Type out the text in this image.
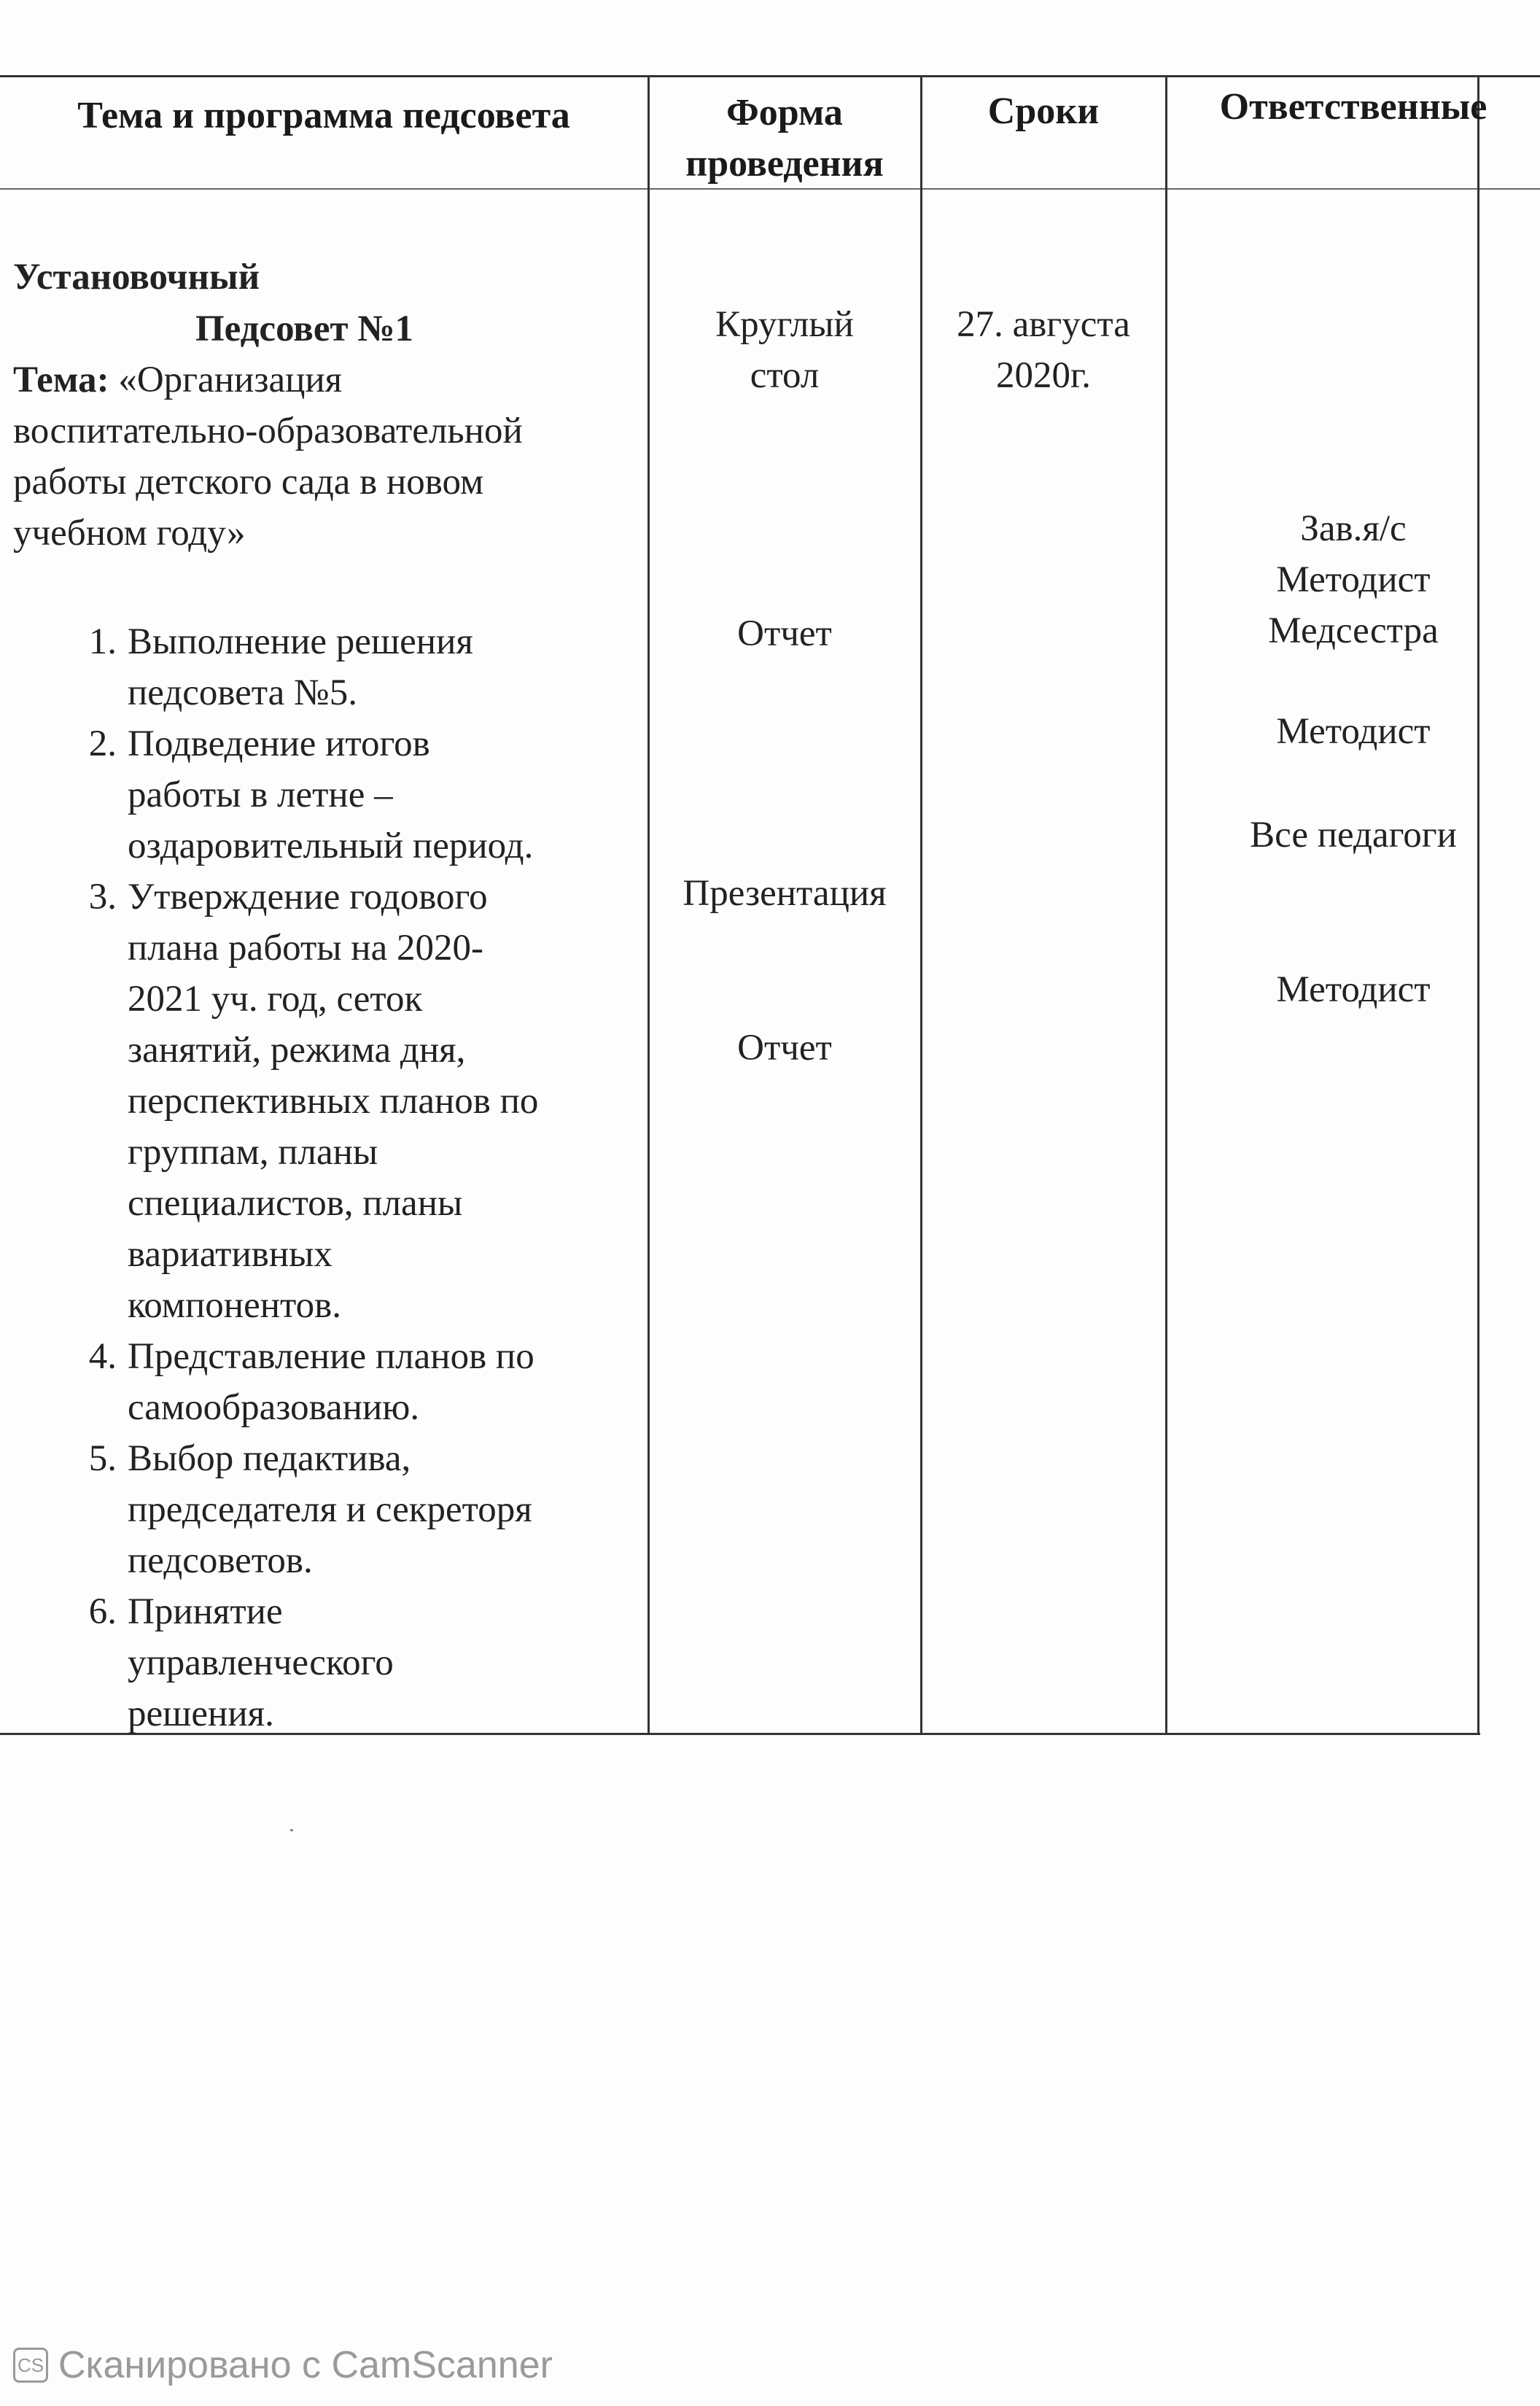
Тема и программа педсовета	Форма
проведения
Сроки	Ответственные
Установочный
Педсовет №1
Тема: «Организация
воспитательно-образовательной
работы детского сада в новом
учебном году»
1. Выполнение решения
педсовета №5.
2. Подведение итогов
работы в летне –
оздаровительный период.
3. Утверждение годового
плана работы на 2020-
2021 уч. год, сеток
занятий, режима дня,
перспективных планов по
группам, планы
специалистов, планы
вариативных
компонентов.
4. Представление планов по
самообразованию.
5. Выбор педактива,
председателя и секреторя
педсоветов.
6. Принятие
управленческого
решения.
Круглый
стол
Отчет
Презентация
Отчет
27. августа
2020г.
Зав.я/с
Методист
Медсестра
Методист
Все педагоги
Методист
CS Сканировано с CamScanner
